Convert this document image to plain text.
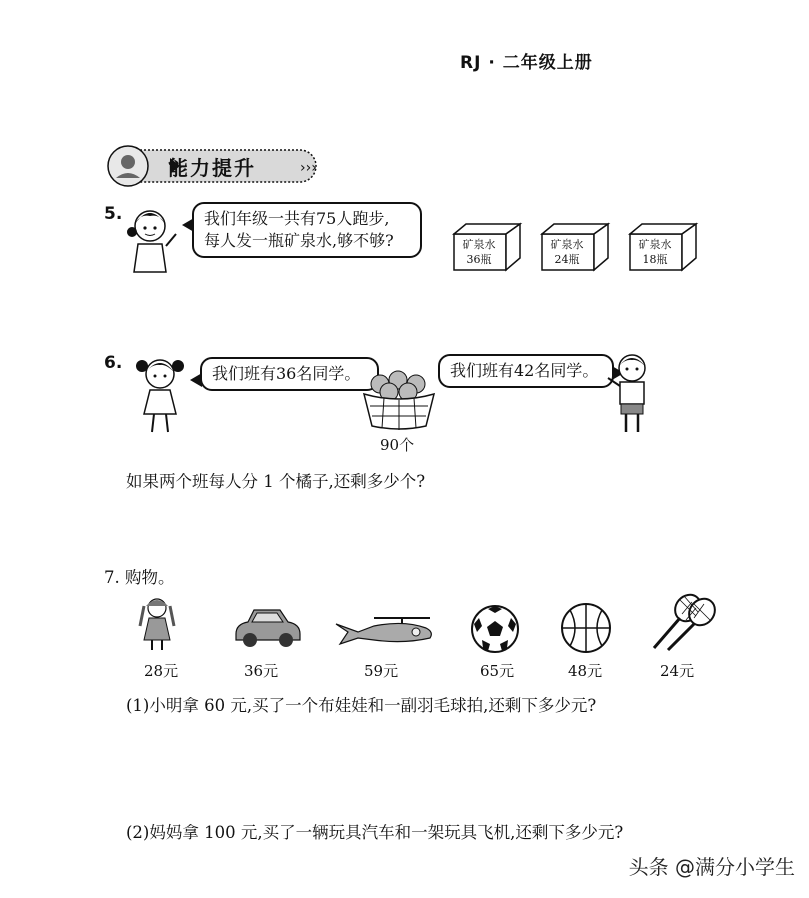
RJ · 二年级上册
›››
能力提升
5.	我们年级一共有75人跑步,
每人发一瓶矿泉水,够不够?	矿泉水
36瓶
矿泉水
24瓶
矿泉水
18瓶
6.
我们班有36名同学。
90个
我们班有42名同学。
如果两个班每人分 1 个橘子,还剩多少个?
7. 购物。
28元	36元	59元	65元	48元	24元
(1)小明拿 60 元,买了一个布娃娃和一副羽毛球拍,还剩下多少元?
(2)妈妈拿 100 元,买了一辆玩具汽车和一架玩具飞机,还剩下多少元?
头条 @满分小学生
